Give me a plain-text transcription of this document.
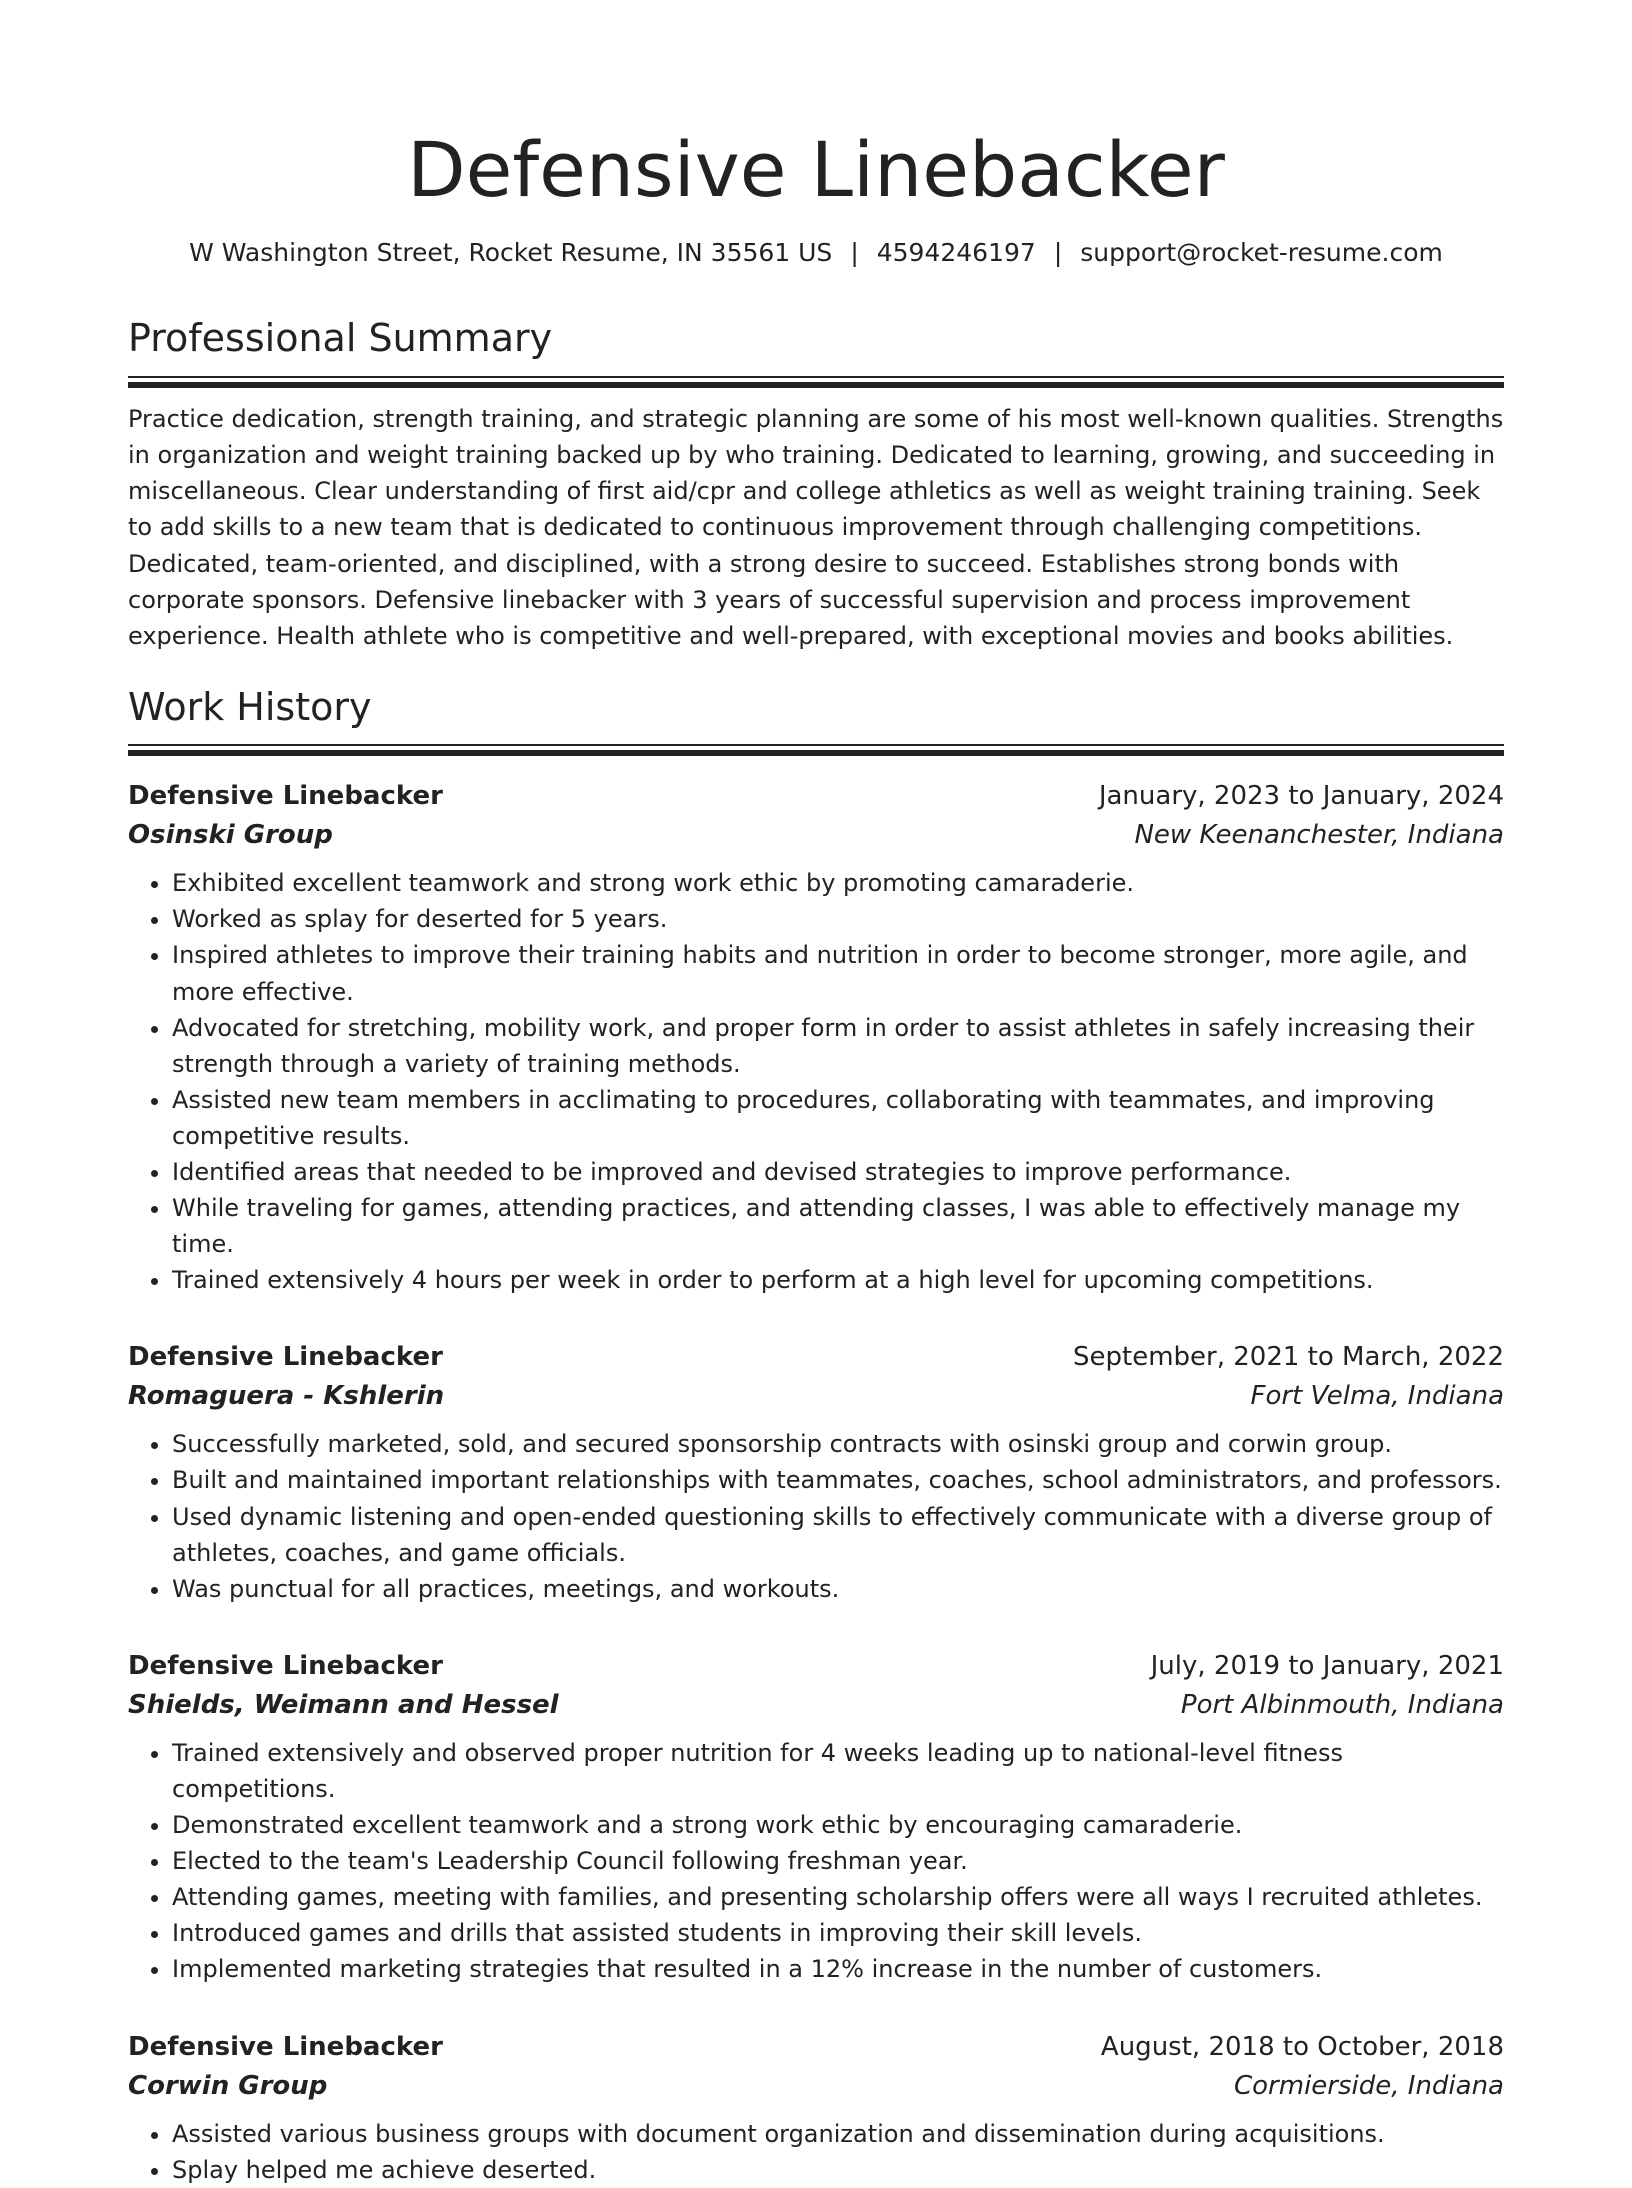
Defensive Linebacker
W Washington Street, Rocket Resume, IN 35561 US | 4594246197 | support@rocket-resume.com
Professional Summary

Practice dedication, strength training, and strategic planning are some of his most well-known qualities. Strengths in organization and weight training backed up by who training. Dedicated to learning, growing, and succeeding in miscellaneous. Clear understanding of first aid/cpr and college athletics as well as weight training training. Seek to add skills to a new team that is dedicated to continuous improvement through challenging competitions. Dedicated, team-oriented, and disciplined, with a strong desire to succeed. Establishes strong bonds with corporate sponsors. Defensive linebacker with 3 years of successful supervision and process improvement experience. Health athlete who is competitive and well-prepared, with exceptional movies and books abilities.

Work History
Defensive Linebacker	January, 2023 to January, 2024
Osinski Group	New Keenanchester, Indiana
• Exhibited excellent teamwork and strong work ethic by promoting camaraderie.
• Worked as splay for deserted for 5 years.
• Inspired athletes to improve their training habits and nutrition in order to become stronger, more agile, and more effective.
• Advocated for stretching, mobility work, and proper form in order to assist athletes in safely increasing their strength through a variety of training methods.
• Assisted new team members in acclimating to procedures, collaborating with teammates, and improving competitive results.
• Identified areas that needed to be improved and devised strategies to improve performance.
• While traveling for games, attending practices, and attending classes, I was able to effectively manage my time.
• Trained extensively 4 hours per week in order to perform at a high level for upcoming competitions.
Defensive Linebacker	September, 2021 to March, 2022
Romaguera - Kshlerin	Fort Velma, Indiana
• Successfully marketed, sold, and secured sponsorship contracts with osinski group and corwin group.
• Built and maintained important relationships with teammates, coaches, school administrators, and professors.
• Used dynamic listening and open-ended questioning skills to effectively communicate with a diverse group of athletes, coaches, and game officials.
• Was punctual for all practices, meetings, and workouts.
Defensive Linebacker	July, 2019 to January, 2021
Shields, Weimann and Hessel	Port Albinmouth, Indiana
• Trained extensively and observed proper nutrition for 4 weeks leading up to national-level fitness competitions.
• Demonstrated excellent teamwork and a strong work ethic by encouraging camaraderie.
• Elected to the team's Leadership Council following freshman year.
• Attending games, meeting with families, and presenting scholarship offers were all ways I recruited athletes.
• Introduced games and drills that assisted students in improving their skill levels.
• Implemented marketing strategies that resulted in a 12% increase in the number of customers.
Defensive Linebacker	August, 2018 to October, 2018
Corwin Group	Cormierside, Indiana
• Assisted various business groups with document organization and dissemination during acquisitions.
• Splay helped me achieve deserted.
